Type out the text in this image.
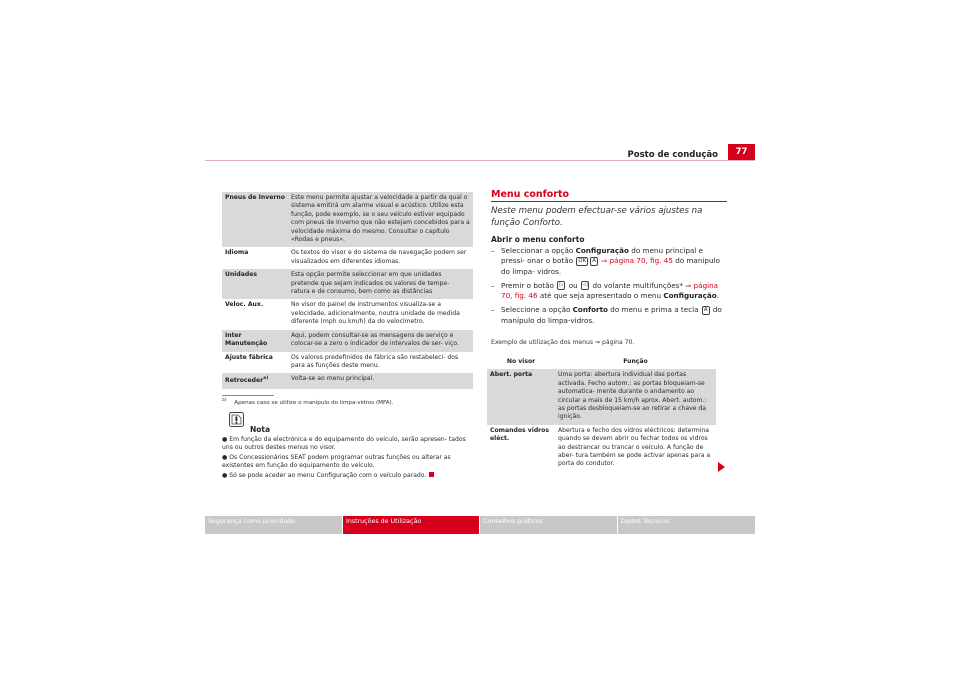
Posto de condução	77
Pneus de Inverno	Este menu permite ajustar a velocidade a partir da qual o sistema emitirá um alarme visual e acústico. Utilize esta função, pode exemplo, se o seu veículo estiver equipado com pneus de Inverno que não estejam concebidos para a velocidade máxima do mesmo. Consultar o capítulo «Rodas e pneus».
Idioma	Os textos do visor e do sistema de navegação podem ser visualizados em diferentes idiomas.
Unidades	Esta opção permite seleccionar em que unidades pretende que sejam indicados os valores de tempe- ratura e de consumo, bem como as distâncias
Veloc. Aux.	No visor do painel de instrumentos visualiza-se a velocidade, adicionalmente, noutra unidade de medida diferente (mph ou km/h) da do velocímetro.
Inter Manutenção	Aqui, podem consultar-se as mensagens de serviço e colocar-se a zero o indicador de intervalos de ser- viço.
Ajuste fábrica	Os valores predefinidos de fábrica são restabeleci- dos para as funções deste menu.
Retroceder$^{a)}$	Volta-se ao menu principal.
$^{a)}$ Apenas caso se utilize o manípulo do limpa-vidros (MFA).
Nota
● Em função da electrónica e do equipamento do veículo, serão apresen- tados uns ou outros destes menus no visor.
● Os Concessionários SEAT podem programar outras funções ou alterar as existentes em função do equipamento do veículo.
● Só se pode aceder ao menu Configuração com o veículo parado.
Menu conforto
Neste menu podem efectuar-se vários ajustes na função Conforto.
Abrir o menu conforto
– Seleccionar a opção Configuração do menu principal e pressi- onar o botão OK A ⇒ página 70, fig. 45 do manípulo do limpa- vidros.
– Premir o botão ▷ ou ◁ do volante multifunções* ⇒ página 70, fig. 46 até que seja apresentado o menu Configuração.
– Seleccione a opção Conforto do menu e prima a tecla A do manípulo do limpa-vidros.
Exemplo de utilização dos menus ⇒ página 70.
No visor	Função
Abert. porta	Uma porta: abertura individual das portas activada. Fecho autom.: as portas bloqueiam-se automatica- mente durante o andamento ao circular a mais de 15 km/h aprox. Abert. autom.: as portas desbloqueiam-se ao retirar a chave da ignição.
Comandos vidros eléct.	Abertura e fecho dos vidros eléctricos: determina quando se devem abrir ou fechar todos os vidros ao destrancar ou trancar o veículo. A função de aber- tura também se pode activar apenas para a porta do condutor.
Segurança como prioridade	Instruções de Utilização	Conselhos práticos	Dados Técnicos
